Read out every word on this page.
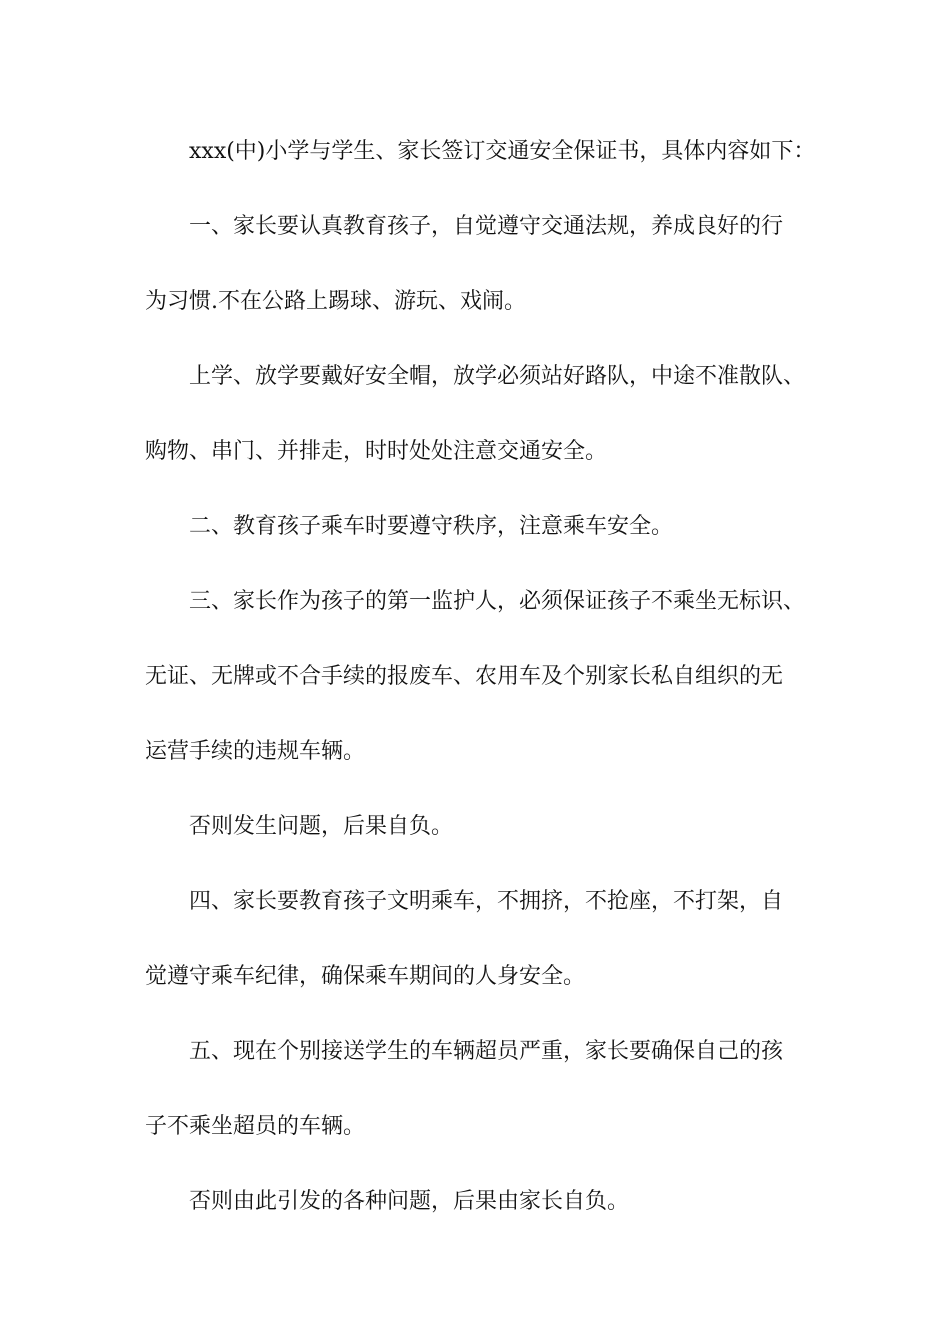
xxx(中)小学与学生、家长签订交通安全保证书，具体内容如下：
一、家长要认真教育孩子，自觉遵守交通法规，养成良好的行
为习惯.不在公路上踢球、游玩、戏闹。
上学、放学要戴好安全帽，放学必须站好路队，中途不准散队、
购物、串门、并排走，时时处处注意交通安全。
二、教育孩子乘车时要遵守秩序，注意乘车安全。
三、家长作为孩子的第一监护人，必须保证孩子不乘坐无标识、
无证、无牌或不合手续的报废车、农用车及个别家长私自组织的无
运营手续的违规车辆。
否则发生问题，后果自负。
四、家长要教育孩子文明乘车，不拥挤，不抢座，不打架，自
觉遵守乘车纪律，确保乘车期间的人身安全。
五、现在个别接送学生的车辆超员严重，家长要确保自己的孩
子不乘坐超员的车辆。
否则由此引发的各种问题，后果由家长自负。
